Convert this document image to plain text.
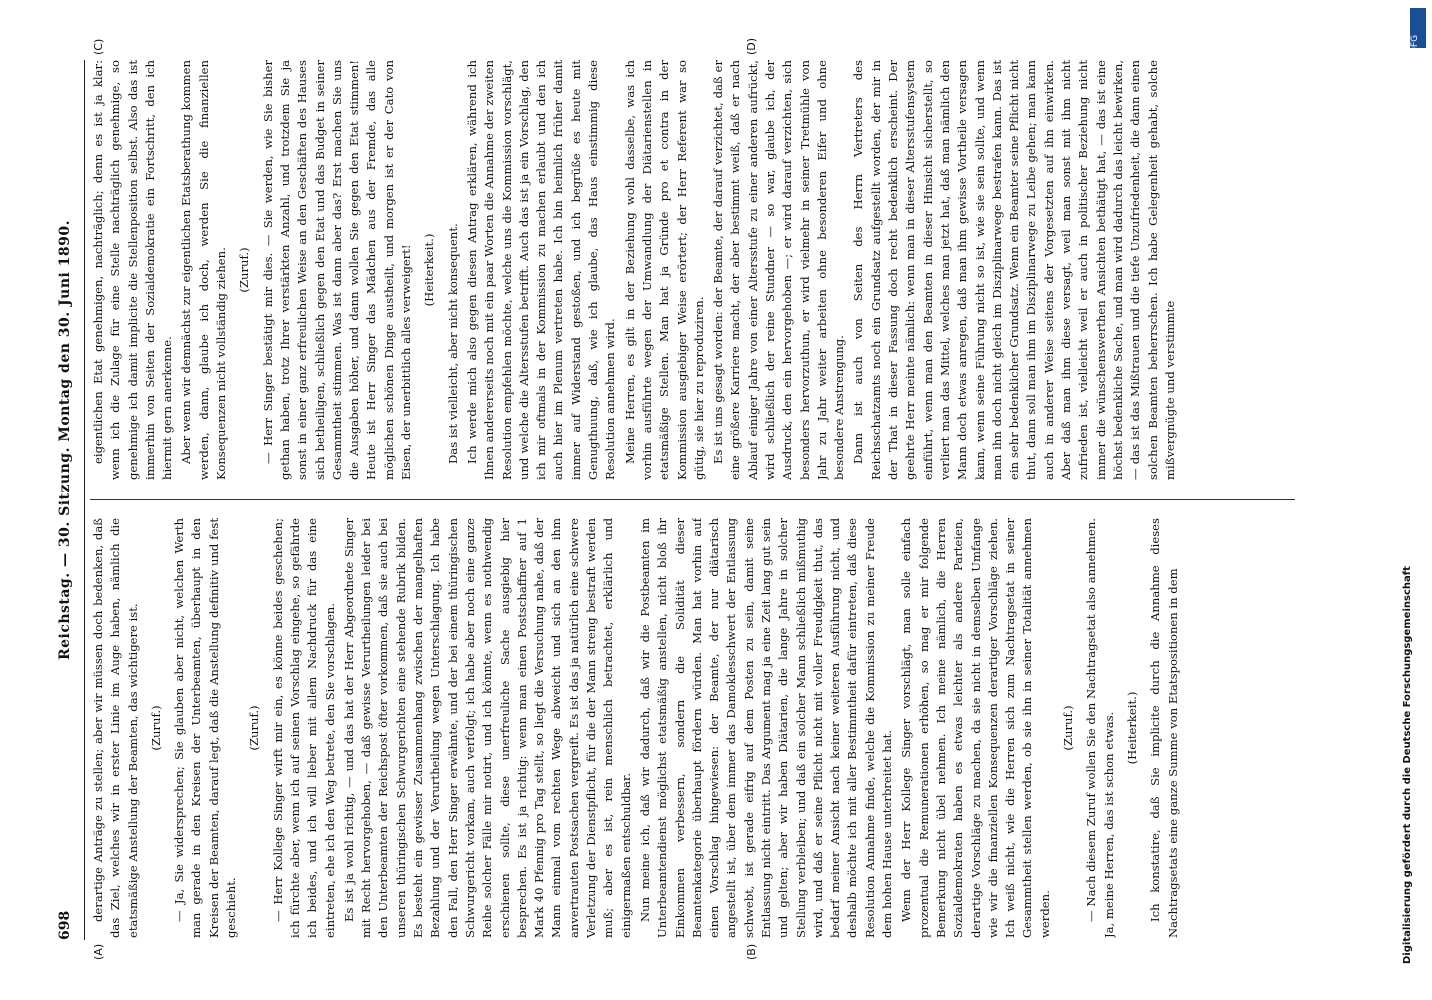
698
Reichstag. — 30. Sitzung. Montag den 30. Juni 1890.
(A)	(B)
(C)	(D)

derartige Anträge zu stellen; aber wir müssen doch bedenken, daß das Ziel, welches wir in erster Linie im Auge haben, nämlich die etatsmäßige Anstellung der Beamten, das wichtigere ist. (Zuruf.) — Ja, Sie widersprechen; Sie glauben aber nicht, welchen Werth man gerade in den Kreisen der Unterbeamten, überhaupt in den Kreisen der Beamten, darauf legt, daß die Anstellung definitiv und fest geschieht.

(Zuruf.) — Herr Kollege Singer wirft mir ein, es könne beides geschehen; ich fürchte aber, wenn ich auf seinen Vorschlag eingehe, so gefährde ich beides, und ich will lieber mit allem Nachdruck für das eine eintreten, ehe ich den Weg betrete, den Sie vorschlagen. Es ist ja wohl richtig, — und das hat der Herr Abgeordnete Singer mit Recht hervorgehoben, — daß gewisse Verurtheilungen leider bei den Unterbeamten der Reichspost öfter vorkommen, daß sie auch bei unseren thüringischen Schwurgerichten eine stehende Rubrik bilden. Es besteht ein gewisser Zusammenhang zwischen der mangelhaften Bezahlung und der Verurtheilung wegen Unterschlagung. Ich habe den Fall, den Herr Singer erwähnte, und der bei einem thüringischen Schwurgericht vorkam, auch verfolgt; ich habe aber noch eine ganze Reihe solcher Fälle mir notirt, und ich könnte, wenn es nothwendig erschienen sollte, diese unerfreuliche Sache ausgiebig hier besprechen. Es ist ja richtig: wenn man einen Postschaffner auf 1 Mark 40 Pfennig pro Tag stellt, so liegt die Versuchung nahe, daß der Mann einmal vom rechten Wege abweicht und sich an den ihm anvertrauten Postsachen vergreift. Es ist das ja natürlich eine schwere Verletzung der Dienstpflicht, für die der Mann streng bestraft werden muß; aber es ist, rein menschlich betrachtet, erklärlich und einigermaßen entschuldbar. Nun meine ich, daß wir dadurch, daß wir die Postbeamten im Unterbeamtendienst möglichst etatsmäßig anstellen, nicht bloß ihr Einkommen verbessern, sondern die Solidität dieser Beamtenkategorie überhaupt fördern würden. Man hat vorhin auf einen Vorschlag hingewiesen: der Beamte, der nur diätarisch angestellt ist, über dem immer das Damoklesschwert der Entlassung schwebt, ist gerade eifrig auf dem Posten zu sein, damit seine Entlassung nicht eintritt. Das Argument mag ja eine Zeit lang gut sein und gelten; aber wir haben Diätarien, die lange Jahre in solcher Stellung verbleiben; und daß ein solcher Mann schließlich mißmuthig wird, und daß er seine Pflicht nicht mit voller Freudigkeit thut, das bedarf meiner Ansicht nach keiner weiteren Ausführung nicht, und deshalb möchte ich mit aller Bestimmtheit dafür eintreten, daß diese Resolution Annahme finde, welche die Kommission zu meiner Freude dem hohen Hause unterbreitet hat. Wenn der Herr Kollege Singer vorschlägt, man solle einfach prozentual die Remunerationen erhöhen, so mag er mir folgende Bemerkung nicht übel nehmen. Ich meine nämlich, die Herren Sozialdemokraten haben es etwas leichter als andere Parteien, derartige Vorschläge zu machen, da sie nicht in demselben Umfange wie wir die finanziellen Konsequenzen derartiger Vorschläge ziehen. Ich weiß nicht, wie die Herren sich zum Nachtragsetat in seiner Gesammtheit stellen werden, ob sie ihn in seiner Totalität annehmen werden.

(Zuruf.) — Nach diesem Zuruf wollen Sie den Nachtragsetat also annehmen. Ja, meine Herren, das ist schon etwas. (Heiterkeit.) Ich konstatire, daß Sie implicite durch die Annahme dieses Nachtragsetats eine ganze Summe von Etatspositionen in dem

eigentlichen Etat genehmigen, nachträglich; denn es ist ja klar: wenn ich die Zulage für eine Stelle nachträglich genehmige, so genehmige ich damit implicite die Stellenposition selbst. Also das ist immerhin von Seiten der Sozialdemokratie ein Fortschritt, den ich hiermit gern anerkenne. Aber wenn wir demnächst zur eigentlichen Etatsberathung kommen werden, dann, glaube ich doch, werden Sie die finanziellen Konsequenzen nicht vollständig ziehen. (Zuruf.) — Herr Singer bestätigt mir dies. — Sie werden, wie Sie bisher gethan haben, trotz Ihrer verstärkten Anzahl, und trotzdem Sie ja sonst in einer ganz erfreulichen Weise an den Geschäften des Hauses sich betheiligen, schließlich gegen den Etat und das Budget in seiner Gesammtheit stimmen. Was ist dann aber das? Erst machen Sie uns die Ausgaben höher, und dann wollen Sie gegen den Etat stimmen! Heute ist Herr Singer das Mädchen aus der Fremde, das alle möglichen schönen Dinge austheilt, und morgen ist er der Cato von Eisen, der unerbittlich alles verweigert! (Heiterkeit.) Das ist vielleicht, aber nicht konsequent. Ich werde mich also gegen diesen Antrag erklären, während ich Ihnen andererseits noch mit ein paar Worten die Annahme der zweiten Resolution empfehlen möchte, welche uns die Kommission vorschlägt, und welche die Altersstufen betrifft. Auch das ist ja ein Vorschlag, den ich mir oftmals in der Kommission zu machen erlaubt und den ich auch hier im Plenum vertreten habe. Ich bin heimlich früher damit immer auf Widerstand gestoßen, und ich begrüße es heute mit Genugthuung, daß, wie ich glaube, das Haus einstimmig diese Resolution annehmen wird. Meine Herren, es gilt in der Beziehung wohl dasselbe, was ich vorhin ausführte wegen der Umwandlung der Diätarienstellen in etatsmäßige Stellen. Man hat ja Gründe pro et contra in der Kommission ausgiebiger Weise erörtert; der Herr Referent war so gütig, sie hier zu reproduziren. Es ist uns gesagt worden: der Beamte, der darauf verzichtet, daß er eine größere Karriere macht, der aber bestimmt weiß, daß er nach Ablauf einiger Jahre von einer Altersstufe zu einer anderen aufrückt, wird schließlich der reine Stundner — so war, glaube ich, der Ausdruck, den ein hervorgehoben —; er wird darauf verzichten, sich besonders hervorzuthun, er wird vielmehr in seiner Tretmühle von Jahr zu Jahr weiter arbeiten ohne besonderen Eifer und ohne besondere Anstrengung. Dann ist auch von Seiten des Herrn Vertreters des Reichsschatzamts noch ein Grundsatz aufgestellt worden, der mir in der That in dieser Fassung doch recht bedenklich erscheint. Der geehrte Herr meinte nämlich: wenn man in dieser Altersstufensystem einführt, wenn man den Beamten in dieser Hinsicht sicherstellt, so verliert man das Mittel, welches man jetzt hat, daß man nämlich den Mann doch etwas anregen, daß man ihm gewisse Vortheile versagen kann, wenn seine Führung nicht so ist, wie sie sein sollte, und wenn man ihn doch nicht gleich im Disziplinarwege bestrafen kann. Das ist ein sehr bedenklicher Grundsatz. Wenn ein Beamter seine Pflicht nicht thut, dann soll man ihm im Disziplinarwege zu Leibe gehen; man kann auch in anderer Weise seitens der Vorgesetzten auf ihn einwirken. Aber daß man ihm diese versagt, weil man sonst mit ihm nicht zufrieden ist, vielleicht weil er auch in politischer Beziehung nicht immer die wünschenswerthen Ansichten bethätigt hat, — das ist eine höchst bedenkliche Sache, und man wird dadurch das leicht bewirken, — das ist das Mißtrauen und die tiefe Unzufriedenheit, die dann einen solchen Beamten beherrschen. Ich habe Gelegenheit gehabt, solche mißvergnügte und verstimmte

Digitalisierung gefördert durch die Deutsche Forschungsgemeinschaft
DFG
